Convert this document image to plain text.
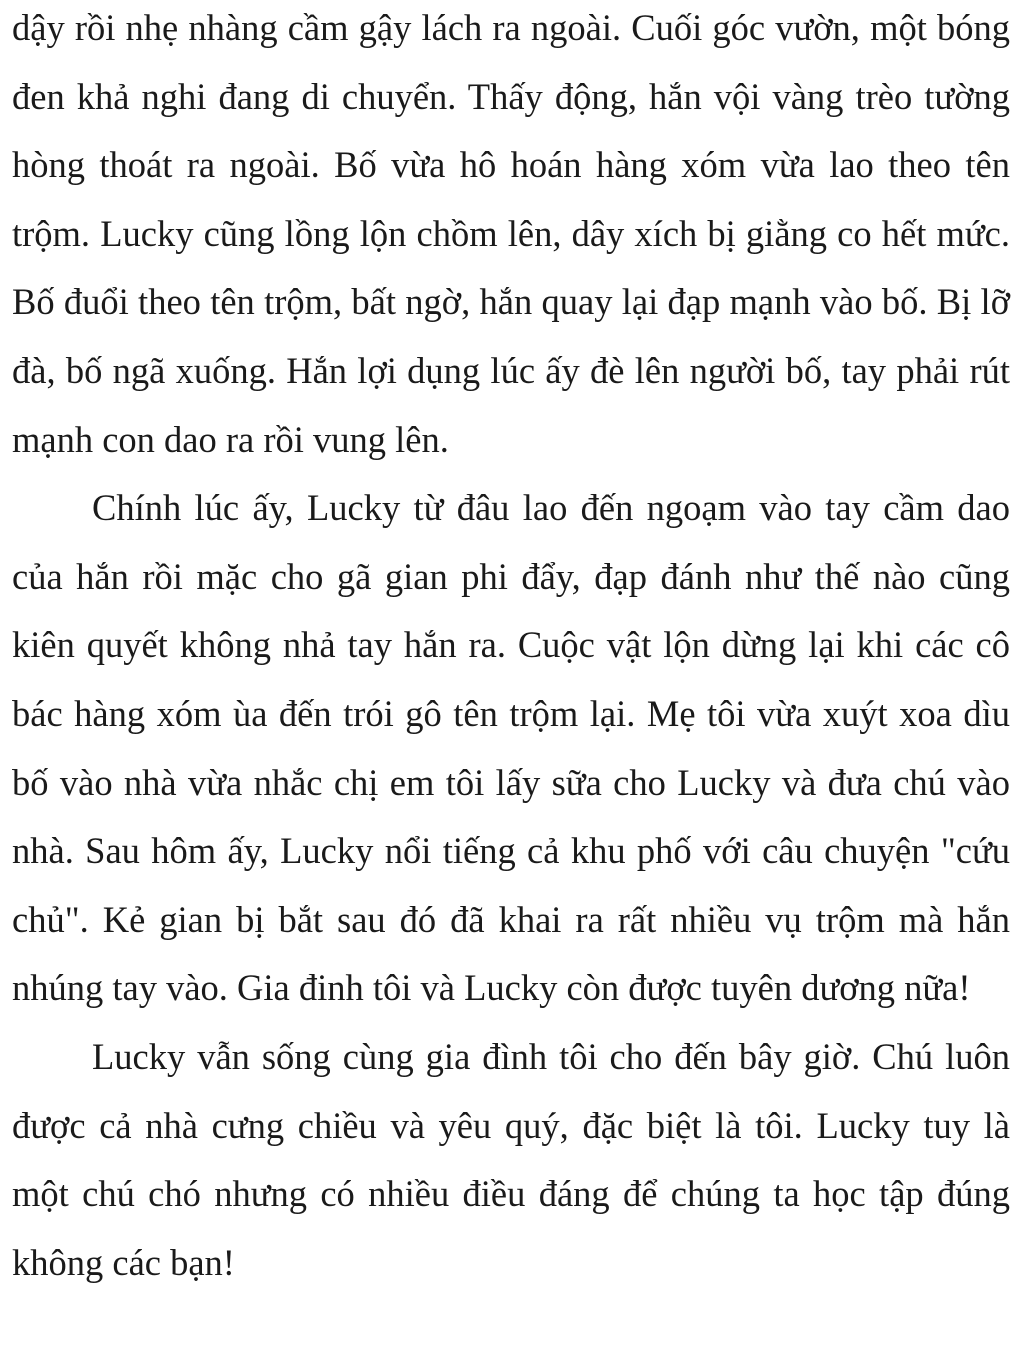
dậy rồi nhẹ nhàng cầm gậy lách ra ngoài. Cuối góc vườn, một bóng đen khả nghi đang di chuyển. Thấy động, hắn vội vàng trèo tường hòng thoát ra ngoài. Bố vừa hô hoán hàng xóm vừa lao theo tên trộm. Lucky cũng lồng lộn chồm lên, dây xích bị giằng co hết mức. Bố đuổi theo tên trộm, bất ngờ, hắn quay lại đạp mạnh vào bố. Bị lỡ đà, bố ngã xuống. Hắn lợi dụng lúc ấy đè lên người bố, tay phải rút mạnh con dao ra rồi vung lên.

Chính lúc ấy, Lucky từ đâu lao đến ngoạm vào tay cầm dao của hắn rồi mặc cho gã gian phi đẩy, đạp đánh như thế nào cũng kiên quyết không nhả tay hắn ra. Cuộc vật lộn dừng lại khi các cô bác hàng xóm ùa đến trói gô tên trộm lại. Mẹ tôi vừa xuýt xoa dìu bố vào nhà vừa nhắc chị em tôi lấy sữa cho Lucky và đưa chú vào nhà. Sau hôm ấy, Lucky nổi tiếng cả khu phố với câu chuyện "cứu chủ". Kẻ gian bị bắt sau đó đã khai ra rất nhiều vụ trộm mà hắn nhúng tay vào. Gia đinh tôi và Lucky còn được tuyên dương nữa!

Lucky vẫn sống cùng gia đình tôi cho đến bây giờ. Chú luôn được cả nhà cưng chiều và yêu quý, đặc biệt là tôi. Lucky tuy là một chú chó nhưng có nhiều điều đáng để chúng ta học tập đúng không các bạn!
